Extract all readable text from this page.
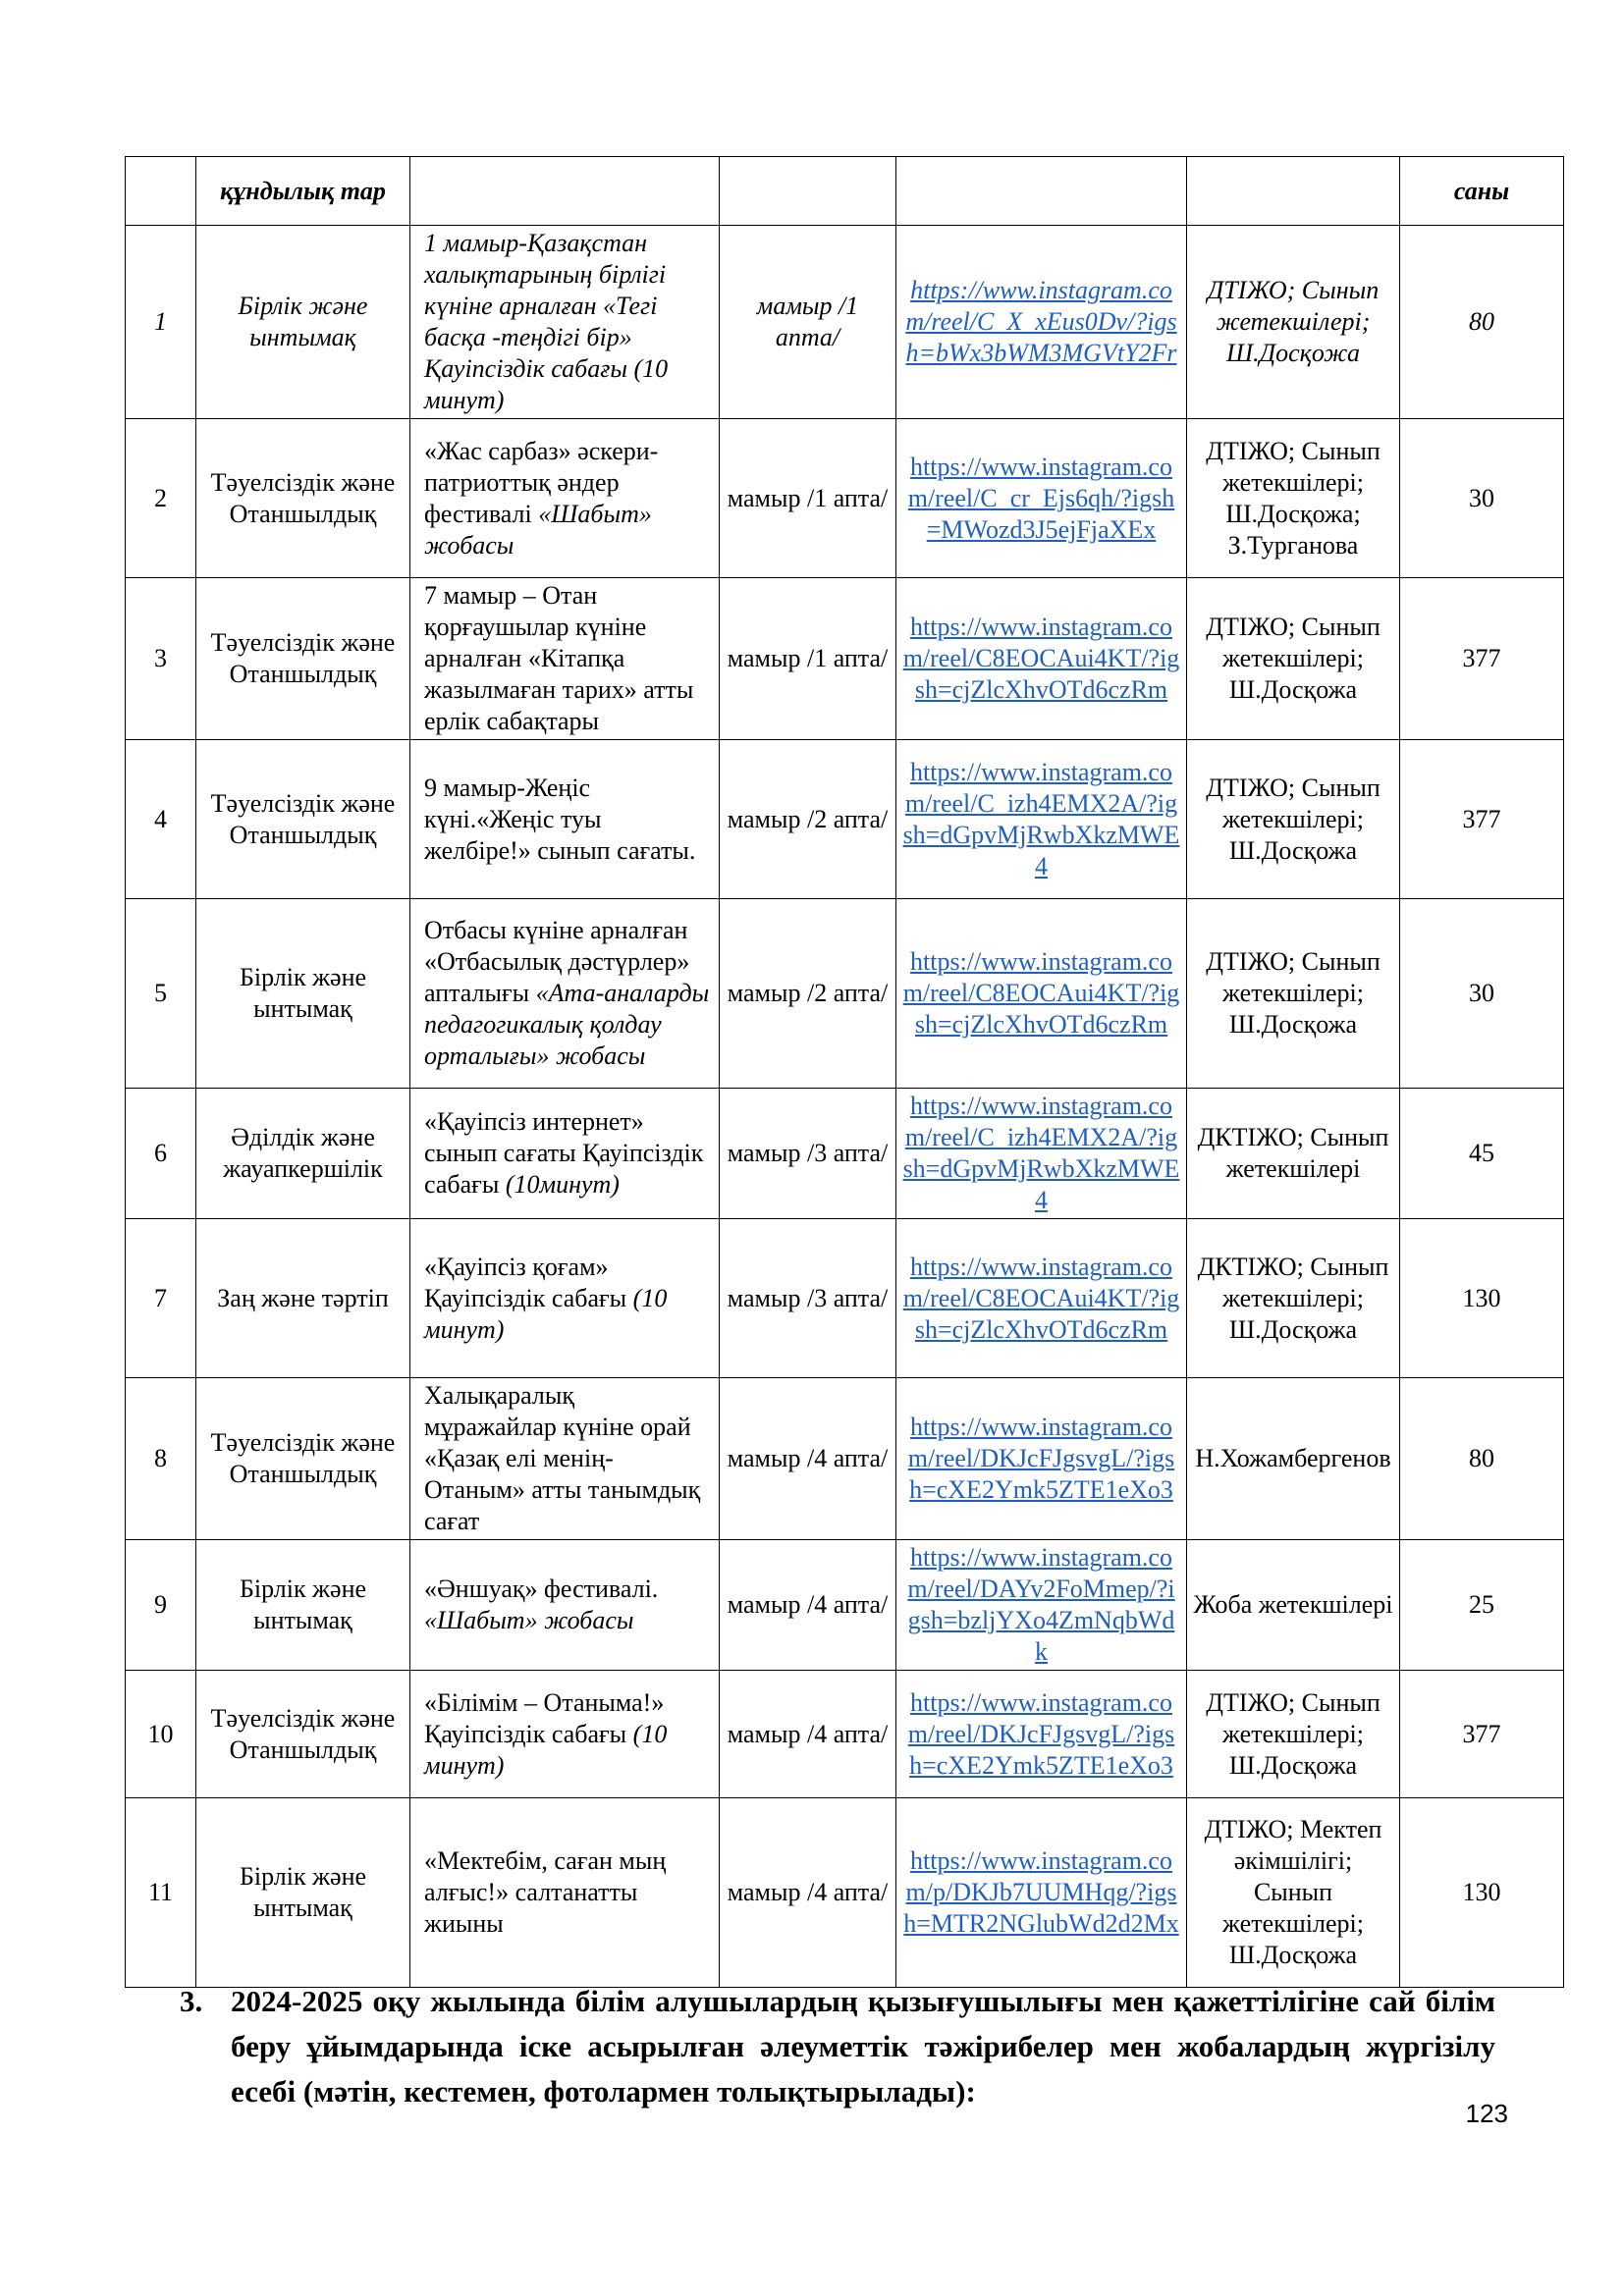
	құндылық тар					саны
1	Бірлік және ынтымақ	1 мамыр-Қазақстан халықтарының бірлігі күніне арналған «Тегі басқа -теңдігі бір» Қауіпсіздік сабағы (10 минут)	мамыр /1 апта/	https://www.instagram.com/reel/C_X_xEus0Dv/?igsh=bWx3bWM3MGVtY2Fr	ДТІЖО; Сынып жетекшілері; Ш.Досқожа	80
2	Тәуелсіздік және Отаншылдық	«Жас сарбаз» әскери-патриоттық әндер фестивалі «Шабыт» жобасы	мамыр /1 апта/	https://www.instagram.com/reel/C_cr_Ejs6qh/?igsh=MWozd3J5ejFjaXEx	ДТІЖО; Сынып жетекшілері; Ш.Досқожа; З.Турганова	30
3	Тәуелсіздік және Отаншылдық	7 мамыр – Отан қорғаушылар күніне арналған «Кітапқа жазылмаған тарих» атты ерлік сабақтары	мамыр /1 апта/	https://www.instagram.com/reel/C8EOCAui4KT/?igsh=cjZlcXhvOTd6czRm	ДТІЖО; Сынып жетекшілері; Ш.Досқожа	377
4	Тәуелсіздік және Отаншылдық	9 мамыр-Жеңіс күні.«Жеңіс туы желбіре!» сынып сағаты.	мамыр /2 апта/	https://www.instagram.com/reel/C_izh4EMX2A/?igsh=dGpvMjRwbXkzMWE4	ДТІЖО; Сынып жетекшілері; Ш.Досқожа	377
5	Бірлік және ынтымақ	Отбасы күніне арналған «Отбасылық дәстүрлер» апталығы «Ата-аналарды педагогикалық қолдау орталығы» жобасы	мамыр /2 апта/	https://www.instagram.com/reel/C8EOCAui4KT/?igsh=cjZlcXhvOTd6czRm	ДТІЖО; Сынып жетекшілері; Ш.Досқожа	30
6	Әділдік және жауапкершілік	«Қауіпсіз интернет» сынып сағаты Қауіпсіздік сабағы (10минут)	мамыр /3 апта/	https://www.instagram.com/reel/C_izh4EMX2A/?igsh=dGpvMjRwbXkzMWE4	ДКТІЖО; Сынып жетекшілері	45
7	Заң және тәртіп	«Қауіпсіз қоғам» Қауіпсіздік сабағы (10 минут)	мамыр /3 апта/	https://www.instagram.com/reel/C8EOCAui4KT/?igsh=cjZlcXhvOTd6czRm	ДКТІЖО; Сынып жетекшілері; Ш.Досқожа	130
8	Тәуелсіздік және Отаншылдық	Халықаралық мұражайлар күніне орай «Қазақ елі менің-Отаным» атты танымдық сағат	мамыр /4 апта/	https://www.instagram.com/reel/DKJcFJgsvgL/?igsh=cXE2Ymk5ZTE1eXo3	Н.Хожамбергенов	80
9	Бірлік және ынтымақ	«Әншуақ» фестивалі. «Шабыт» жобасы	мамыр /4 апта/	https://www.instagram.com/reel/DAYv2FoMmep/?igsh=bzljYXo4ZmNqbWdk	Жоба жетекшілері	25
10	Тәуелсіздік және Отаншылдық	«Білімім – Отаныма!» Қауіпсіздік сабағы (10 минут)	мамыр /4 апта/	https://www.instagram.com/reel/DKJcFJgsvgL/?igsh=cXE2Ymk5ZTE1eXo3	ДТІЖО; Сынып жетекшілері; Ш.Досқожа	377
11	Бірлік және ынтымақ	«Мектебім, саған мың алғыс!» салтанатты жиыны	мамыр /4 апта/	https://www.instagram.com/p/DKJb7UUMHqg/?igsh=MTR2NGlubWd2d2Mx	ДТІЖО; Мектеп әкімшілігі; Сынып жетекшілері; Ш.Досқожа	130
3. 2024-2025 оқу жылында білім алушылардың қызығушылығы мен қажеттілігіне сай білім беру ұйымдарында іске асырылған әлеуметтік тәжірибелер мен жобалардың жүргізілу есебі (мәтін, кестемен, фотолармен толықтырылады):
123
